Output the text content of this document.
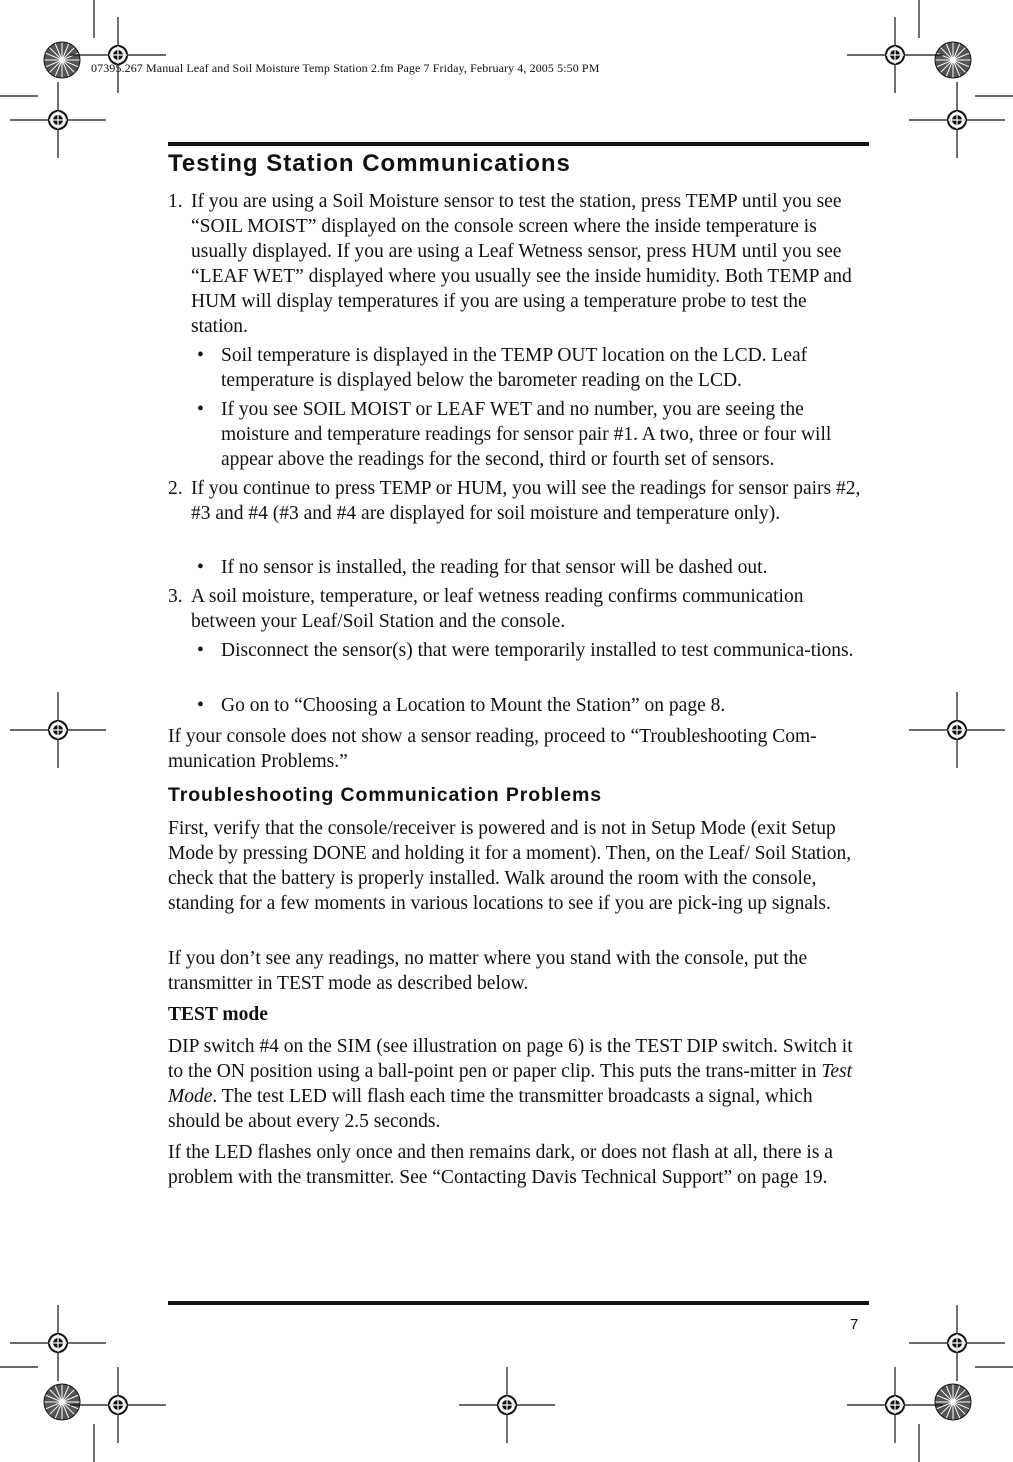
07395.267 Manual Leaf and Soil Moisture Temp Station 2.fm Page 7 Friday, February 4, 2005 5:50 PM
Testing Station Communications
1. If you are using a Soil Moisture sensor to test the station, press TEMP until you see “SOIL MOIST” displayed on the console screen where the inside temperature is usually displayed. If you are using a Leaf Wetness sensor, press HUM until you see “LEAF WET” displayed where you usually see the inside humidity. Both TEMP and HUM will display temperatures if you are using a temperature probe to test the station.
• Soil temperature is displayed in the TEMP OUT location on the LCD. Leaf temperature is displayed below the barometer reading on the LCD.
• If you see SOIL MOIST or LEAF WET and no number, you are seeing the moisture and temperature readings for sensor pair #1. A two, three or four will appear above the readings for the second, third or fourth set of sensors.
2. If you continue to press TEMP or HUM, you will see the readings for sensor pairs #2, #3 and #4 (#3 and #4 are displayed for soil moisture and temperature only).
• If no sensor is installed, the reading for that sensor will be dashed out.
3. A soil moisture, temperature, or leaf wetness reading confirms communication between your Leaf/Soil Station and the console.
• Disconnect the sensor(s) that were temporarily installed to test communica-tions.
• Go on to “Choosing a Location to Mount the Station” on page 8.
If your console does not show a sensor reading, proceed to “Troubleshooting Com-munication Problems.”
Troubleshooting Communication Problems
First, verify that the console/receiver is powered and is not in Setup Mode (exit Setup Mode by pressing DONE and holding it for a moment). Then, on the Leaf/ Soil Station, check that the battery is properly installed. Walk around the room with the console, standing for a few moments in various locations to see if you are pick-ing up signals.
If you don’t see any readings, no matter where you stand with the console, put the transmitter in TEST mode as described below.
TEST mode
DIP switch #4 on the SIM (see illustration on page 6) is the TEST DIP switch. Switch it to the ON position using a ball-point pen or paper clip. This puts the trans-mitter in Test Mode. The test LED will flash each time the transmitter broadcasts a signal, which should be about every 2.5 seconds.
If the LED flashes only once and then remains dark, or does not flash at all, there is a problem with the transmitter. See “Contacting Davis Technical Support” on page 19.
7
